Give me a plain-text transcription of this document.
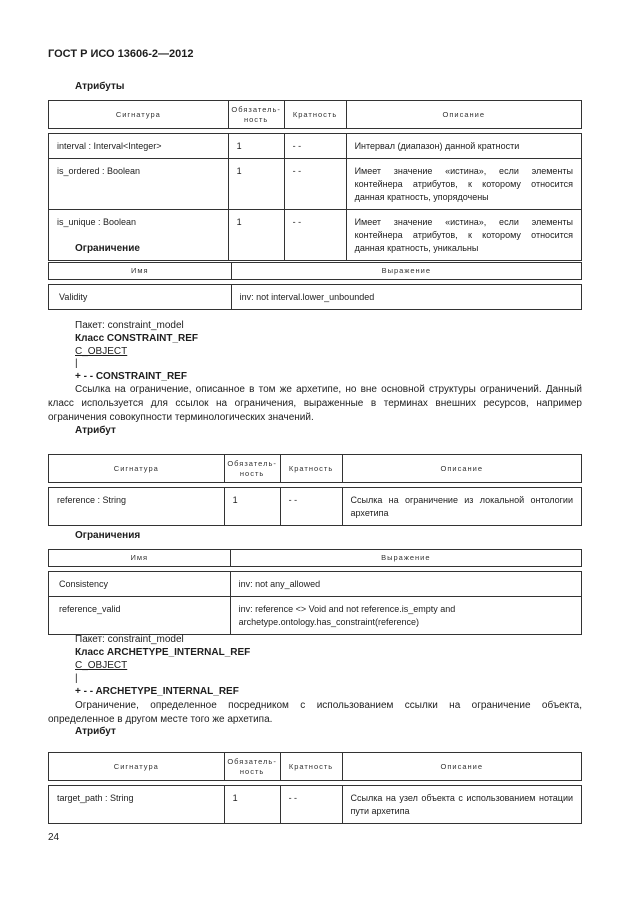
ГОСТ Р ИСО 13606-2—2012
Атрибуты
Сигнатура	Обязатель-ность	Кратность	Описание

interval : Interval<Integer>	1	- -	Интервал (диапазон) данной кратности
is_ordered : Boolean	1	- -	Имеет значение «истина», если элементы контейнера атрибутов, к которому относится данная кратность, упорядочены
is_unique : Boolean	1	- -	Имеет значение «истина», если элементы контейнера атрибутов, к которому относится данная кратность, уникальны
Ограничение
Имя	Выражение

Validity	inv: not interval.lower_unbounded
Пакет: constraint_model
Класс CONSTRAINT_REF
C_OBJECT
|
+ - - CONSTRAINT_REF
Ссылка на ограничение, описанное в том же архетипе, но вне основной структуры ограничений. Данный класс используется для ссылок на ограничения, выраженные в терминах внешних ресурсов, например ограничения совокупности терминологических значений.
Атрибут
Сигнатура	Обязатель-ность	Кратность	Описание

reference : String	1	- -	Ссылка на ограничение из локальной онтологии архетипа
Ограничения
Имя	Выражение

Consistency	inv: not any_allowed
reference_valid	inv: reference <> Void and not reference.is_empty and archetype.ontology.has_constraint(reference)
Пакет: constraint_model
Класс ARCHETYPE_INTERNAL_REF
C_OBJECT
|
+ - - ARCHETYPE_INTERNAL_REF
Ограничение, определенное посредником с использованием ссылки на ограничение объекта, определенное в другом месте того же архетипа.
Атрибут
Сигнатура	Обязатель-ность	Кратность	Описание

target_path : String	1	- -	Ссылка на узел объекта с использованием нотации пути архетипа
24
